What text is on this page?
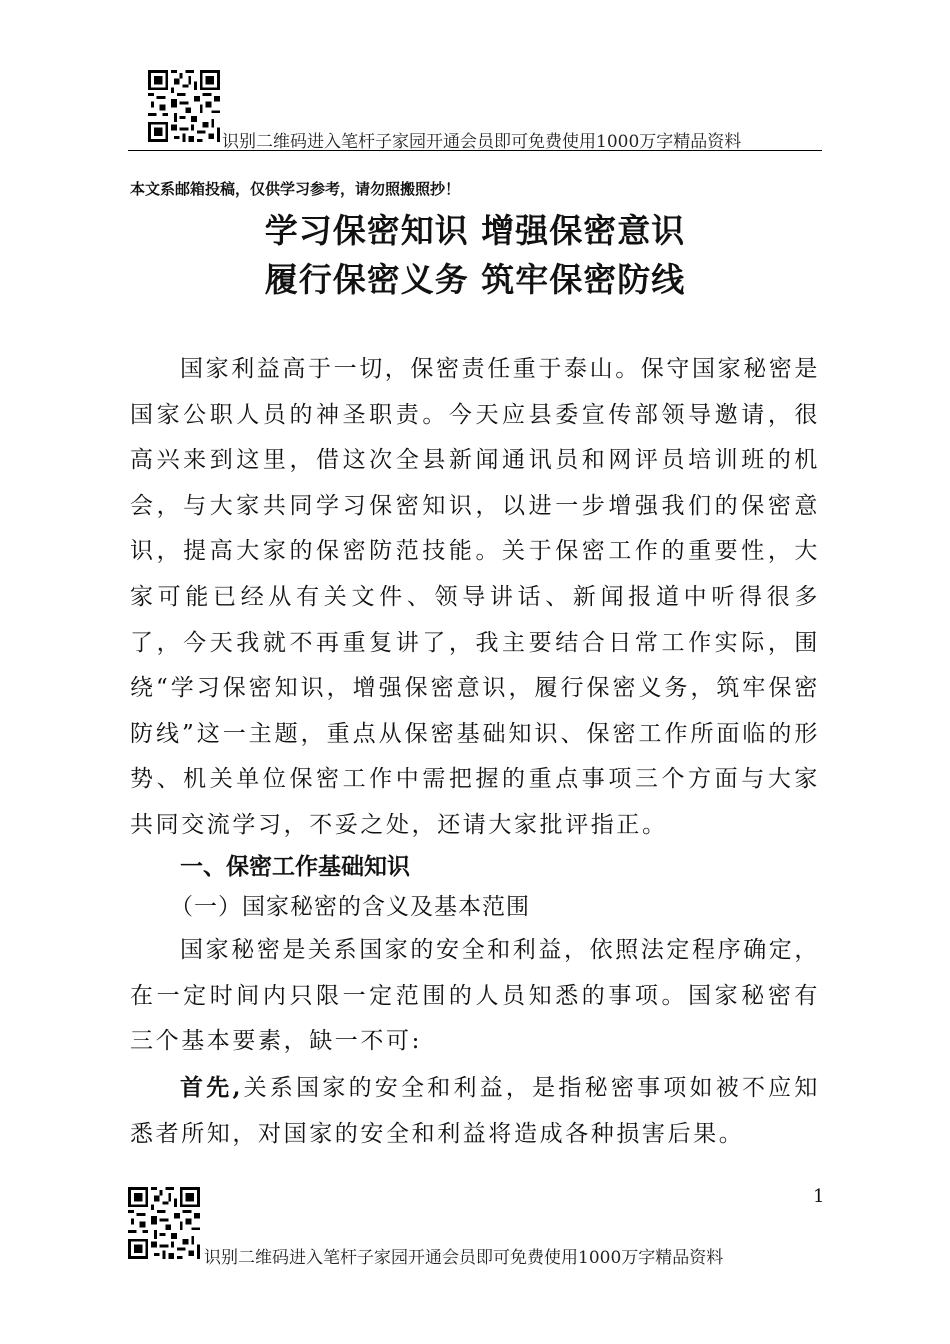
识别二维码进入笔杆子家园开通会员即可免费使用1000万字精品资料
本文系邮箱投稿，仅供学习参考，请勿照搬照抄！
学习保密知识 增强保密意识
履行保密义务 筑牢保密防线

国家利益高于一切，保密责任重于泰山。保守国家秘密是国家公职人员的神圣职责。今天应县委宣传部领导邀请，很高兴来到这里，借这次全县新闻通讯员和网评员培训班的机会，与大家共同学习保密知识，以进一步增强我们的保密意识，提高大家的保密防范技能。关于保密工作的重要性，大家可能已经从有关文件、领导讲话、新闻报道中听得很多了，今天我就不再重复讲了，我主要结合日常工作实际，围绕“学习保密知识，增强保密意识，履行保密义务，筑牢保密防线”这一主题，重点从保密基础知识、保密工作所面临的形势、机关单位保密工作中需把握的重点事项三个方面与大家共同交流学习，不妥之处，还请大家批评指正。

一、保密工作基础知识
（一）国家秘密的含义及基本范围

国家秘密是关系国家的安全和利益，依照法定程序确定，在一定时间内只限一定范围的人员知悉的事项。国家秘密有三个基本要素，缺一不可:

首先,关系国家的安全和利益，是指秘密事项如被不应知悉者所知，对国家的安全和利益将造成各种损害后果。

1
识别二维码进入笔杆子家园开通会员即可免费使用1000万字精品资料
